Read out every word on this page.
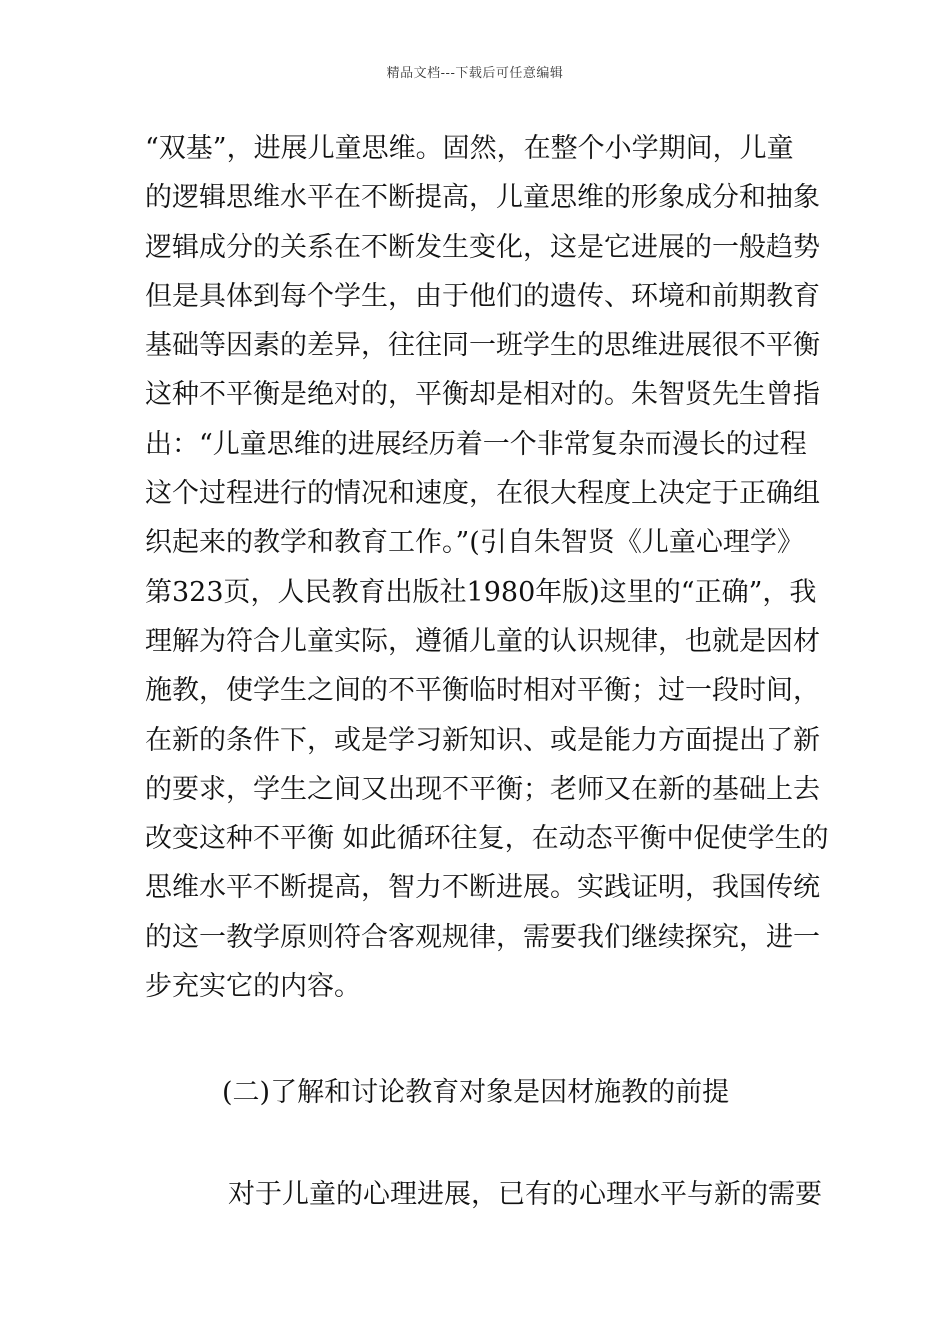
精品文档---下载后可任意编辑
“双基”，进展儿童思维。固然，在整个小学期间，儿童
的逻辑思维水平在不断提高，儿童思维的形象成分和抽象
逻辑成分的关系在不断发生变化，这是它进展的一般趋势
但是具体到每个学生，由于他们的遗传、环境和前期教育
基础等因素的差异，往往同一班学生的思维进展很不平衡
这种不平衡是绝对的，平衡却是相对的。朱智贤先生曾指
出：“儿童思维的进展经历着一个非常复杂而漫长的过程
这个过程进行的情况和速度，在很大程度上决定于正确组
织起来的教学和教育工作。”(引自朱智贤《儿童心理学》
第323页，人民教育出版社1980年版)这里的“正确”，我
理解为符合儿童实际，遵循儿童的认识规律，也就是因材
施教，使学生之间的不平衡临时相对平衡；过一段时间，
在新的条件下，或是学习新知识、或是能力方面提出了新
的要求，学生之间又出现不平衡；老师又在新的基础上去
改变这种不平衡 如此循环往复，在动态平衡中促使学生的
思维水平不断提高，智力不断进展。实践证明，我国传统
的这一教学原则符合客观规律，需要我们继续探究，进一
步充实它的内容。
(二)了解和讨论教育对象是因材施教的前提
对于儿童的心理进展，已有的心理水平与新的需要
